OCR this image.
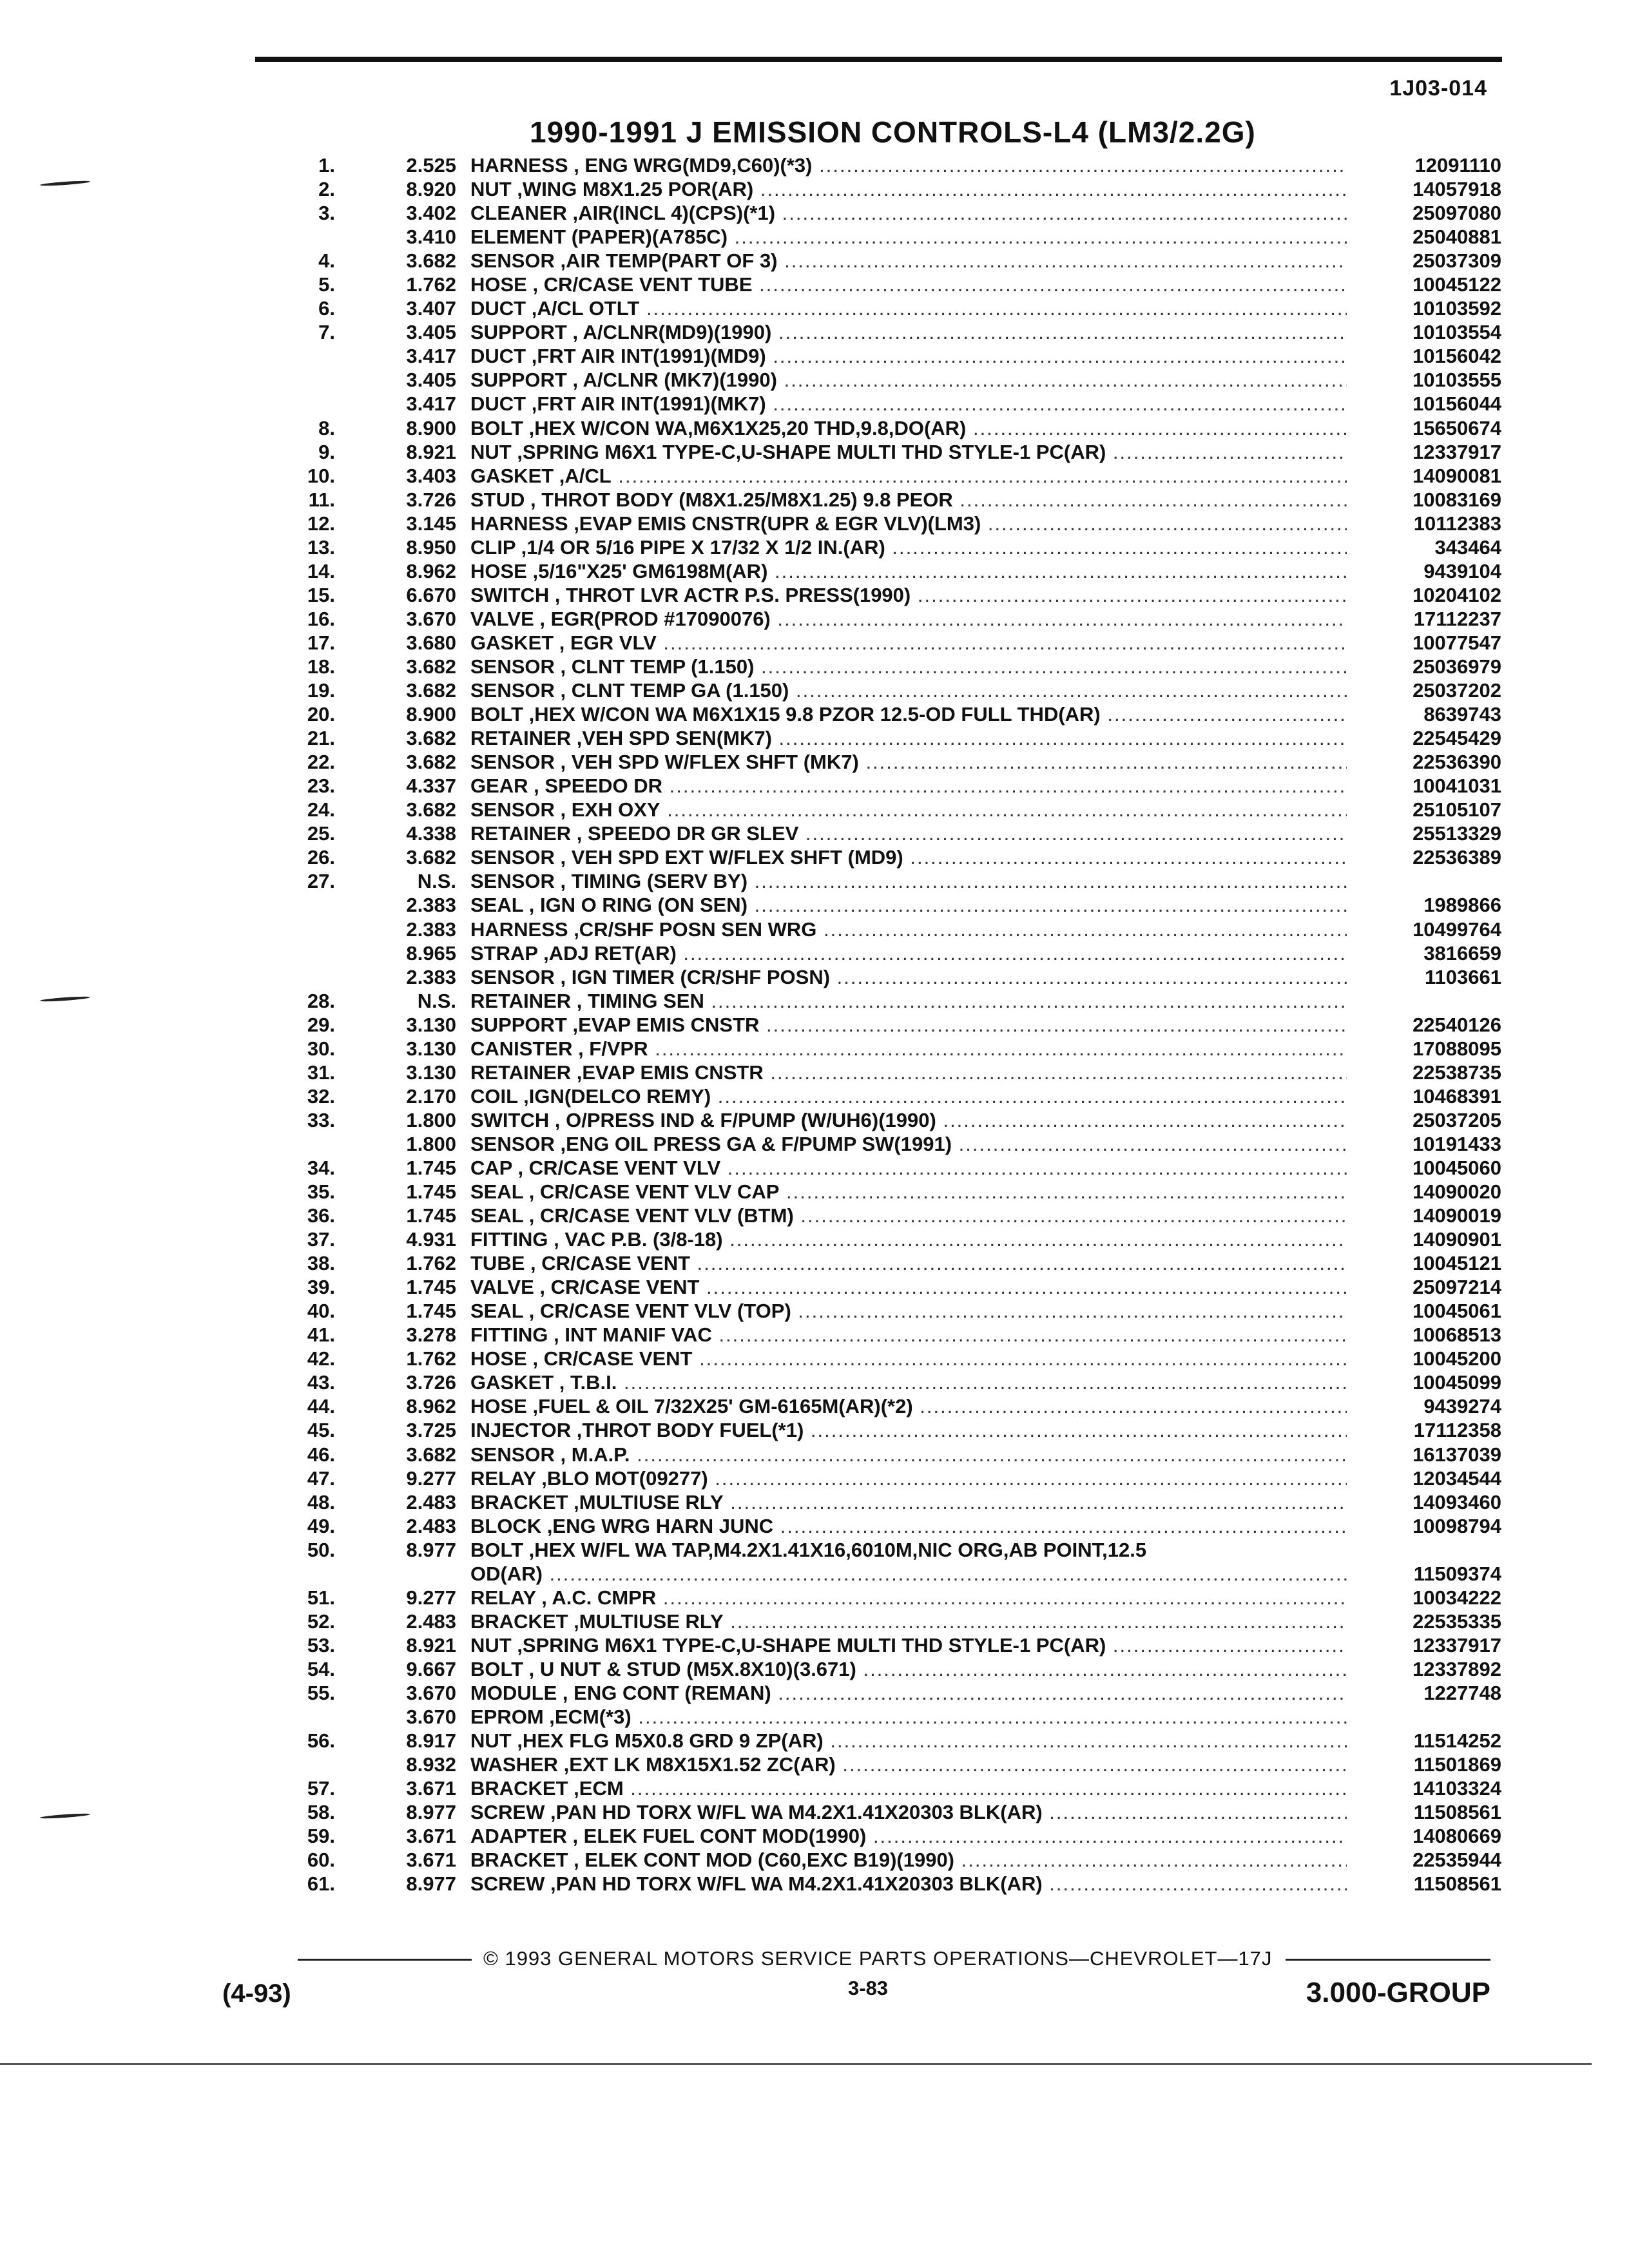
1J03-014
1990-1991 J EMISSION CONTROLS-L4 (LM3/2.2G)
1.	2.525 HARNESS , ENG WRG(MD9,C60)(*3) .....	12091110
2.	8.920 NUT ,WING M8X1.25 POR(AR) .....	14057918
3.	3.402 CLEANER ,AIR(INCL 4)(CPS)(*1) .....	25097080
3.410 ELEMENT (PAPER)(A785C) .....	25040881
4.	3.682 SENSOR ,AIR TEMP(PART OF 3) .....	25037309
5.	1.762 HOSE , CR/CASE VENT TUBE .....	10045122
6.	3.407 DUCT ,A/CL OTLT .....	10103592
7.	3.405 SUPPORT , A/CLNR(MD9)(1990) .....	10103554
3.417 DUCT ,FRT AIR INT(1991)(MD9) .....	10156042
3.405 SUPPORT , A/CLNR (MK7)(1990) .....	10103555
3.417 DUCT ,FRT AIR INT(1991)(MK7) .....	10156044
8.	8.900 BOLT ,HEX W/CON WA,M6X1X25,20 THD,9.8,DO(AR) .....	15650674
9.	8.921 NUT ,SPRING M6X1 TYPE-C,U-SHAPE MULTI THD STYLE-1 PC(AR) .....	12337917
10.	3.403 GASKET ,A/CL .....	14090081
11.	3.726 STUD , THROT BODY (M8X1.25/M8X1.25) 9.8 PEOR .....	10083169
12.	3.145 HARNESS ,EVAP EMIS CNSTR(UPR & EGR VLV)(LM3) .....	10112383
13.	8.950 CLIP ,1/4 OR 5/16 PIPE X 17/32 X 1/2 IN.(AR) .....	343464
14.	8.962 HOSE ,5/16"X25' GM6198M(AR) .....	9439104
15.	6.670 SWITCH , THROT LVR ACTR P.S. PRESS(1990) .....	10204102
16.	3.670 VALVE , EGR(PROD #17090076) .....	17112237
17.	3.680 GASKET , EGR VLV .....	10077547
18.	3.682 SENSOR , CLNT TEMP (1.150) .....	25036979
19.	3.682 SENSOR , CLNT TEMP GA (1.150) .....	25037202
20.	8.900 BOLT ,HEX W/CON WA M6X1X15 9.8 PZOR 12.5-OD FULL THD(AR) .....	8639743
21.	3.682 RETAINER ,VEH SPD SEN(MK7) .....	22545429
22.	3.682 SENSOR , VEH SPD W/FLEX SHFT (MK7) .....	22536390
23.	4.337 GEAR , SPEEDO DR .....	10041031
24.	3.682 SENSOR , EXH OXY .....	25105107
25.	4.338 RETAINER , SPEEDO DR GR SLEV .....	25513329
26.	3.682 SENSOR , VEH SPD EXT W/FLEX SHFT (MD9) .....	22536389
27.	N.S. SENSOR , TIMING (SERV BY) .....
2.383 SEAL , IGN O RING (ON SEN) .....	1989866
2.383 HARNESS ,CR/SHF POSN SEN WRG .....	10499764
8.965 STRAP ,ADJ RET(AR) .....	3816659
2.383 SENSOR , IGN TIMER (CR/SHF POSN) .....	1103661
28.	N.S. RETAINER , TIMING SEN .....
29.	3.130 SUPPORT ,EVAP EMIS CNSTR .....	22540126
30.	3.130 CANISTER , F/VPR .....	17088095
31.	3.130 RETAINER ,EVAP EMIS CNSTR .....	22538735
32.	2.170 COIL ,IGN(DELCO REMY) .....	10468391
33.	1.800 SWITCH , O/PRESS IND & F/PUMP (W/UH6)(1990) .....	25037205
1.800 SENSOR ,ENG OIL PRESS GA & F/PUMP SW(1991) .....	10191433
34.	1.745 CAP , CR/CASE VENT VLV .....	10045060
35.	1.745 SEAL , CR/CASE VENT VLV CAP .....	14090020
36.	1.745 SEAL , CR/CASE VENT VLV (BTM) .....	14090019
37.	4.931 FITTING , VAC P.B. (3/8-18) .....	14090901
38.	1.762 TUBE , CR/CASE VENT .....	10045121
39.	1.745 VALVE , CR/CASE VENT .....	25097214
40.	1.745 SEAL , CR/CASE VENT VLV (TOP) .....	10045061
41.	3.278 FITTING , INT MANIF VAC .....	10068513
42.	1.762 HOSE , CR/CASE VENT .....	10045200
43.	3.726 GASKET , T.B.I. .....	10045099
44.	8.962 HOSE ,FUEL & OIL 7/32X25' GM-6165M(AR)(*2) .....	9439274
45.	3.725 INJECTOR ,THROT BODY FUEL(*1) .....	17112358
46.	3.682 SENSOR , M.A.P. .....	16137039
47.	9.277 RELAY ,BLO MOT(09277) .....	12034544
48.	2.483 BRACKET ,MULTIUSE RLY .....	14093460
49.	2.483 BLOCK ,ENG WRG HARN JUNC .....	10098794
50.	8.977 BOLT ,HEX W/FL WA TAP,M4.2X1.41X16,6010M,NIC ORG,AB POINT,12.5
OD(AR) .....	11509374
51.	9.277 RELAY , A.C. CMPR .....	10034222
52.	2.483 BRACKET ,MULTIUSE RLY .....	22535335
53.	8.921 NUT ,SPRING M6X1 TYPE-C,U-SHAPE MULTI THD STYLE-1 PC(AR) .....	12337917
54.	9.667 BOLT , U NUT & STUD (M5X.8X10)(3.671) .....	12337892
55.	3.670 MODULE , ENG CONT (REMAN) .....	1227748
3.670 EPROM ,ECM(*3) .....
56.	8.917 NUT ,HEX FLG M5X0.8 GRD 9 ZP(AR) .....	11514252
8.932 WASHER ,EXT LK M8X15X1.52 ZC(AR) .....	11501869
57.	3.671 BRACKET ,ECM .....	14103324
58.	8.977 SCREW ,PAN HD TORX W/FL WA M4.2X1.41X20303 BLK(AR) .....	11508561
59.	3.671 ADAPTER , ELEK FUEL CONT MOD(1990) .....	14080669
60.	3.671 BRACKET , ELEK CONT MOD (C60,EXC B19)(1990) .....	22535944
61.	8.977 SCREW ,PAN HD TORX W/FL WA M4.2X1.41X20303 BLK(AR) .....	11508561
© 1993 GENERAL MOTORS SERVICE PARTS OPERATIONS—CHEVROLET—17J
(4-93)	3-83	3.000-GROUP
